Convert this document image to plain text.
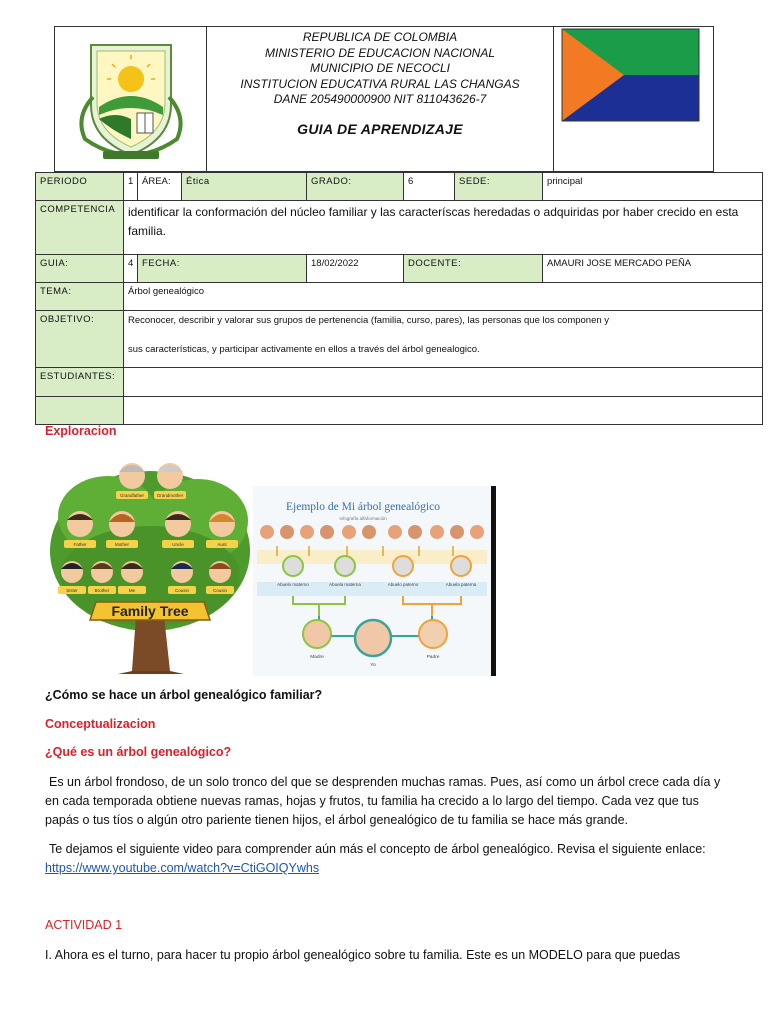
REPUBLICA DE COLOMBIA
MINISTERIO DE EDUCACION NACIONAL
MUNICIPIO DE NECOCLI
INSTITUCION EDUCATIVA RURAL LAS CHANGAS
DANE 205490000900 NIT 811043626-7
GUIA DE APRENDIZAJE
PERIODO	1	ÁREA:	Ética	GRADO:	6	SEDE:	principal
COMPETENCIA	identificar la conformación del núcleo familiar y las caracteríscas heredadas o adquiridas por haber crecido en esta familia.						
GUIA:	4	FECHA:		18/02/2022	DOCENTE:		AMAURI JOSE MERCADO PEÑA
TEMA:	Árbol genealógico						
OBJETIVO:	Reconocer, describir y valorar sus grupos de pertenencia (familia, curso, pares), las personas que los componen y
sus características, y participar activamente en ellos a través del árbol genealogico.						

ESTUDIANTES:							

Exploracion
Grandfather	Grandmother
Father	Mother	Uncle	Aunt
Sister	Brother	Me	Cousin	Cousin
Family Tree
Ejemplo de Mi árbol genealógico
Infografía alfaformación
Abuelo materno	Abuela materna	Abuelo paterno	Abuela paterna
Madre
Yo
Padre
¿Cómo se hace un árbol genealógico familiar?
Conceptualizacion
¿Qué es un árbol genealógico?
Es un árbol frondoso, de un solo tronco del que se desprenden muchas ramas. Pues, así como un árbol crece cada día y en cada temporada obtiene nuevas ramas, hojas y frutos, tu familia ha crecido a lo largo del tiempo. Cada vez que tus papás o tus tíos o algún otro pariente tienen hijos, el árbol genealógico de tu familia se hace más grande.
Te dejamos el siguiente video para comprender aún más el concepto de árbol genealógico. Revisa el siguiente enlace:
https://www.youtube.com/watch?v=CtiGOIQYwhs
ACTIVIDAD 1
I. Ahora es el turno, para hacer tu propio árbol genealógico sobre tu familia. Este es un MODELO para que puedas
